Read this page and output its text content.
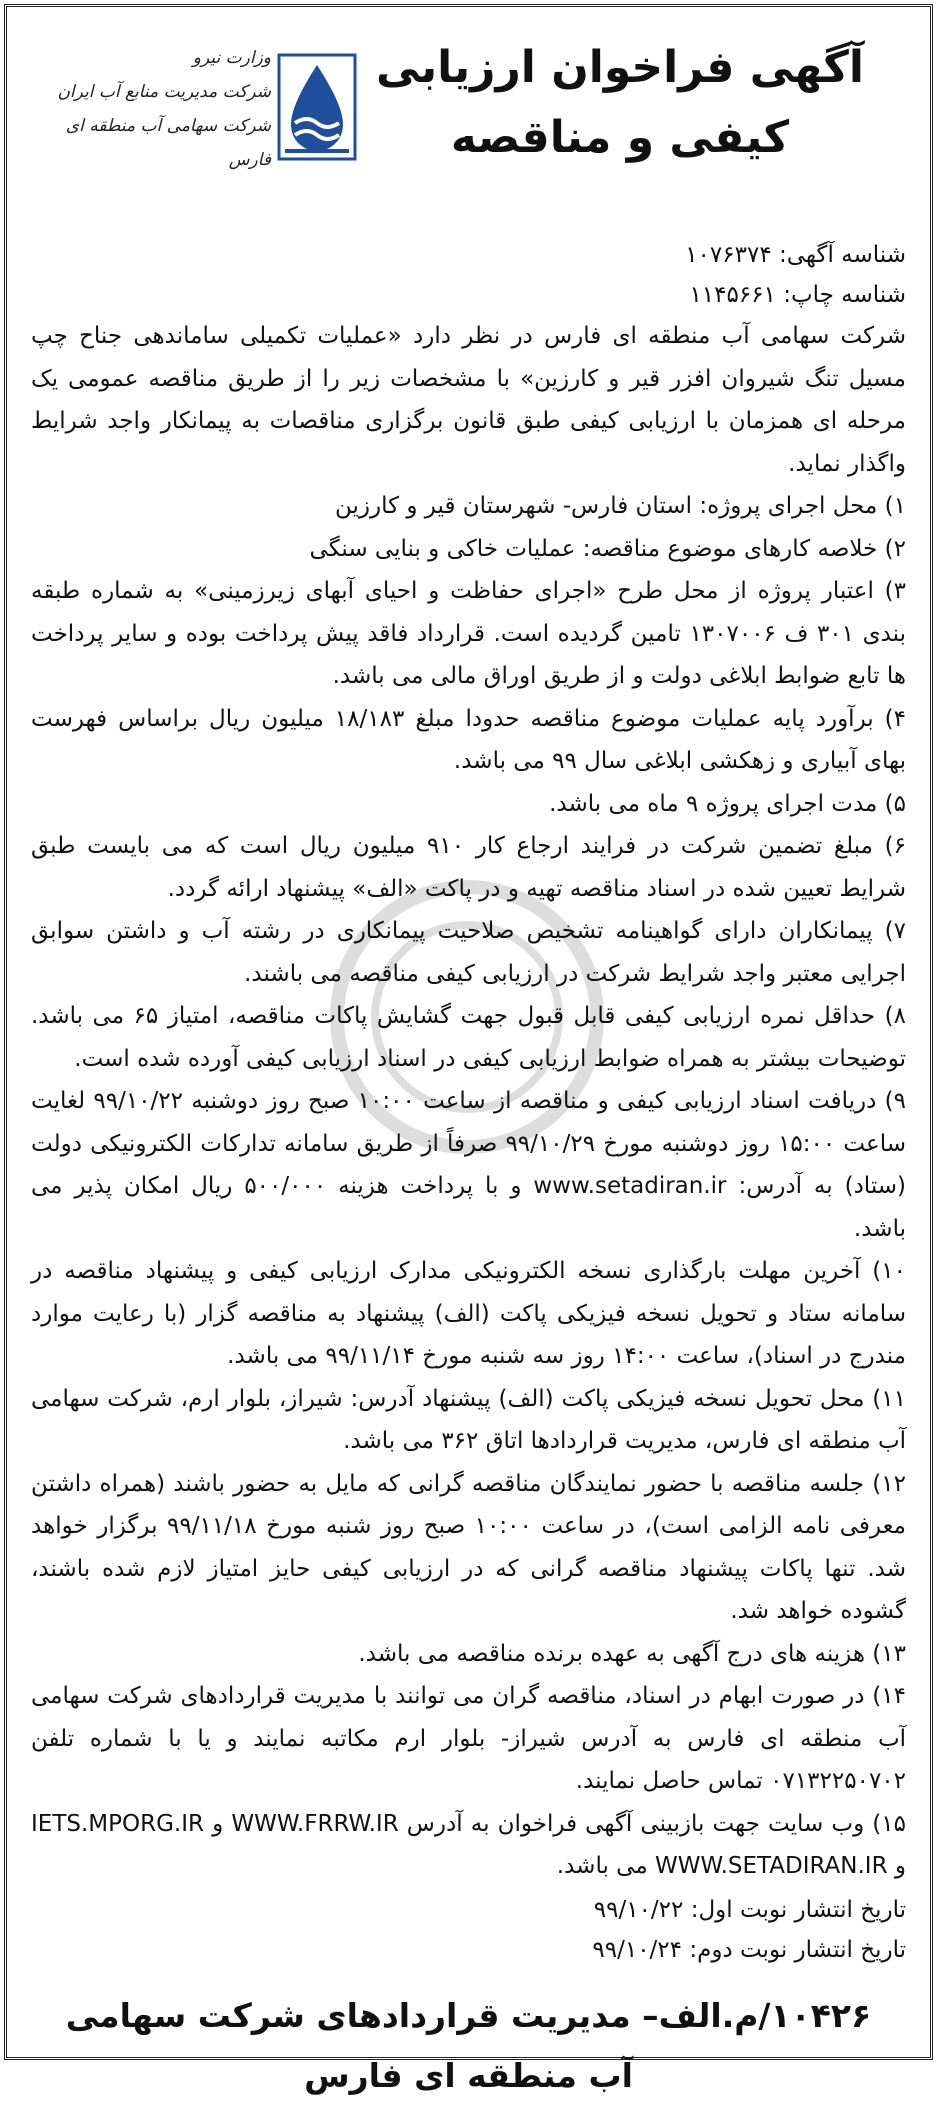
آگهی فراخوان ارزیابی
کیفی و مناقصه
وزارت نیرو
شرکت مدیریت منابع آب ایران
شرکت سهامی آب منطقه ای فارس
شناسه آگهی: ۱۰۷۶۳۷۴
شناسه چاپ: ۱۱۴۵۶۶۱

شرکت سهامی آب منطقه ای فارس در نظر دارد «عملیات تکمیلی ساماندهی جناح چپ مسیل تنگ شیروان افزر قیر و کارزین» با مشخصات زیر را از طریق مناقصه عمومی یک مرحله ای همزمان با ارزیابی کیفی طبق قانون برگزاری مناقصات به پیمانکار واجد شرایط واگذار نماید.

۱) محل اجرای پروژه: استان فارس- شهرستان قیر و کارزین
۲) خلاصه کارهای موضوع مناقصه: عملیات خاکی و بنایی سنگی
۳) اعتبار پروژه از محل طرح «اجرای حفاظت و احیای آبهای زیرزمینی» به شماره طبقه بندی ۳۰۱ ف ۱۳۰۷۰۰۶ تامین گردیده است. قرارداد فاقد پیش پرداخت بوده و سایر پرداخت ها تابع ضوابط ابلاغی دولت و از طریق اوراق مالی می باشد.
۴) برآورد پایه عملیات موضوع مناقصه حدودا مبلغ ۱۸/۱۸۳ میلیون ریال براساس فهرست بهای آبیاری و زهکشی ابلاغی سال ۹۹ می باشد.
۵) مدت اجرای پروژه ۹ ماه می باشد.
۶) مبلغ تضمین شرکت در فرایند ارجاع کار ۹۱۰ میلیون ریال است که می بایست طبق شرایط تعیین شده در اسناد مناقصه تهیه و در پاکت «الف» پیشنهاد ارائه گردد.
۷) پیمانکاران دارای گواهینامه تشخیص صلاحیت پیمانکاری در رشته آب و داشتن سوابق اجرایی معتبر واجد شرایط شرکت در ارزیابی کیفی مناقصه می باشند.
۸) حداقل نمره ارزیابی کیفی قابل قبول جهت گشایش پاکات مناقصه، امتیاز ۶۵ می باشد. توضیحات بیشتر به همراه ضوابط ارزیابی کیفی در اسناد ارزیابی کیفی آورده شده است.
۹) دریافت اسناد ارزیابی کیفی و مناقصه از ساعت ۱۰:۰۰ صبح روز دوشنبه ۹۹/۱۰/۲۲ لغایت ساعت ۱۵:۰۰ روز دوشنبه مورخ ۹۹/۱۰/۲۹ صرفاً از طریق سامانه تدارکات الکترونیکی دولت (ستاد) به آدرس: www.setadiran.ir و با پرداخت هزینه ۵۰۰/۰۰۰ ریال امکان پذیر می باشد.
۱۰) آخرین مهلت بارگذاری نسخه الکترونیکی مدارک ارزیابی کیفی و پیشنهاد مناقصه در سامانه ستاد و تحویل نسخه فیزیکی پاکت (الف) پیشنهاد به مناقصه گزار (با رعایت موارد مندرج در اسناد)، ساعت ۱۴:۰۰ روز سه شنبه مورخ ۹۹/۱۱/۱۴ می باشد.
۱۱) محل تحویل نسخه فیزیکی پاکت (الف) پیشنهاد آدرس: شیراز، بلوار ارم، شرکت سهامی آب منطقه ای فارس، مدیریت قراردادها اتاق ۳۶۲ می باشد.
۱۲) جلسه مناقصه با حضور نمایندگان مناقصه گرانی که مایل به حضور باشند (همراه داشتن معرفی نامه الزامی است)، در ساعت ۱۰:۰۰ صبح روز شنبه مورخ ۹۹/۱۱/۱۸ برگزار خواهد شد. تنها پاکات پیشنهاد مناقصه گرانی که در ارزیابی کیفی حایز امتیاز لازم شده باشند، گشوده خواهد شد.
۱۳) هزینه های درج آگهی به عهده برنده مناقصه می باشد.
۱۴) در صورت ابهام در اسناد، مناقصه گران می توانند با مدیریت قراردادهای شرکت سهامی آب منطقه ای فارس به آدرس شیراز- بلوار ارم مکاتبه نمایند و یا با شماره تلفن ۰۷۱۳۲۲۵۰۷۰۲ تماس حاصل نمایند.
۱۵) وب سایت جهت بازبینی آگهی فراخوان به آدرس WWW.FRRW.IR و IETS.MPORG.IR و WWW.SETADIRAN.IR می باشد.
تاریخ انتشار نوبت اول: ۹۹/۱۰/۲۲
تاریخ انتشار نوبت دوم: ۹۹/۱۰/۲۴
۱۰۴۲۶/م.الف– مدیریت قراردادهای شرکت سهامی
آب منطقه ای فارس
